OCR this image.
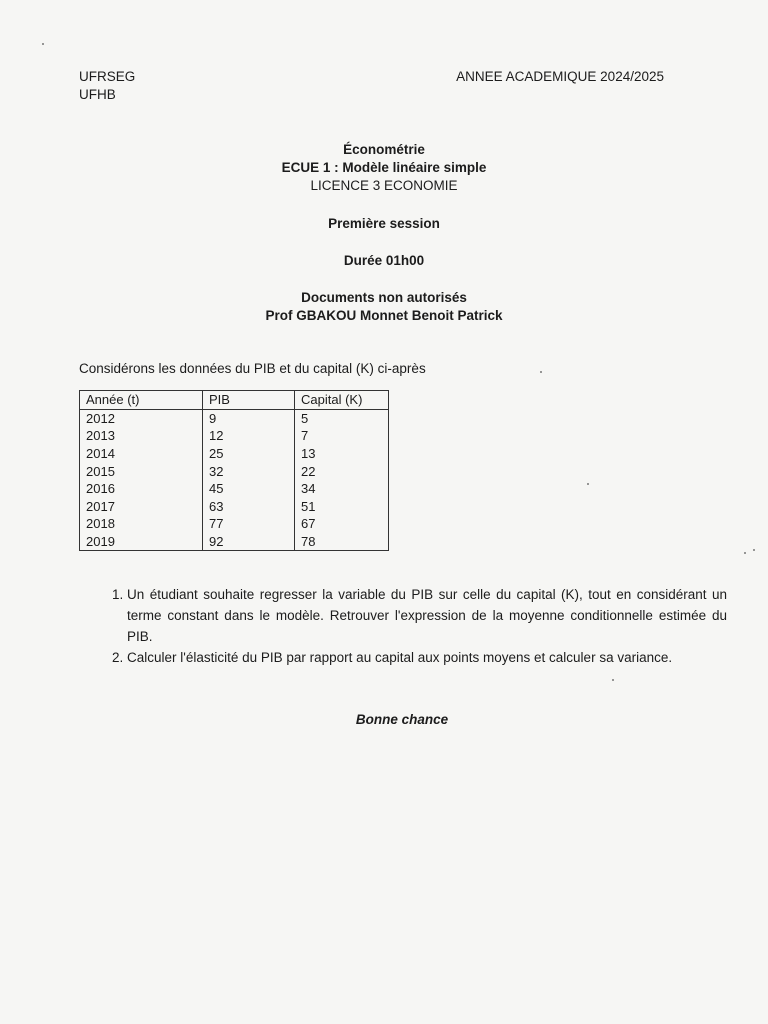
UFRSEG
UFHB
ANNEE ACADEMIQUE 2024/2025
Économétrie
ECUE 1 : Modèle linéaire simple
LICENCE 3 ECONOMIE
Première session
Durée 01h00
Documents non autorisés
Prof GBAKOU Monnet Benoit Patrick
Considérons les données du PIB et du capital (K) ci-après
Année (t)	PIB	Capital (K)
2012	9	5
2013	12	7
2014	25	13
2015	32	22
2016	45	34
2017	63	51
2018	77	67
2019	92	78
1. Un étudiant souhaite regresser la variable du PIB sur celle du capital (K), tout en considérant un terme constant dans le modèle. Retrouver l'expression de la moyenne conditionnelle estimée du PIB.
2. Calculer l'élasticité du PIB par rapport au capital aux points moyens et calculer sa variance.
Bonne chance
